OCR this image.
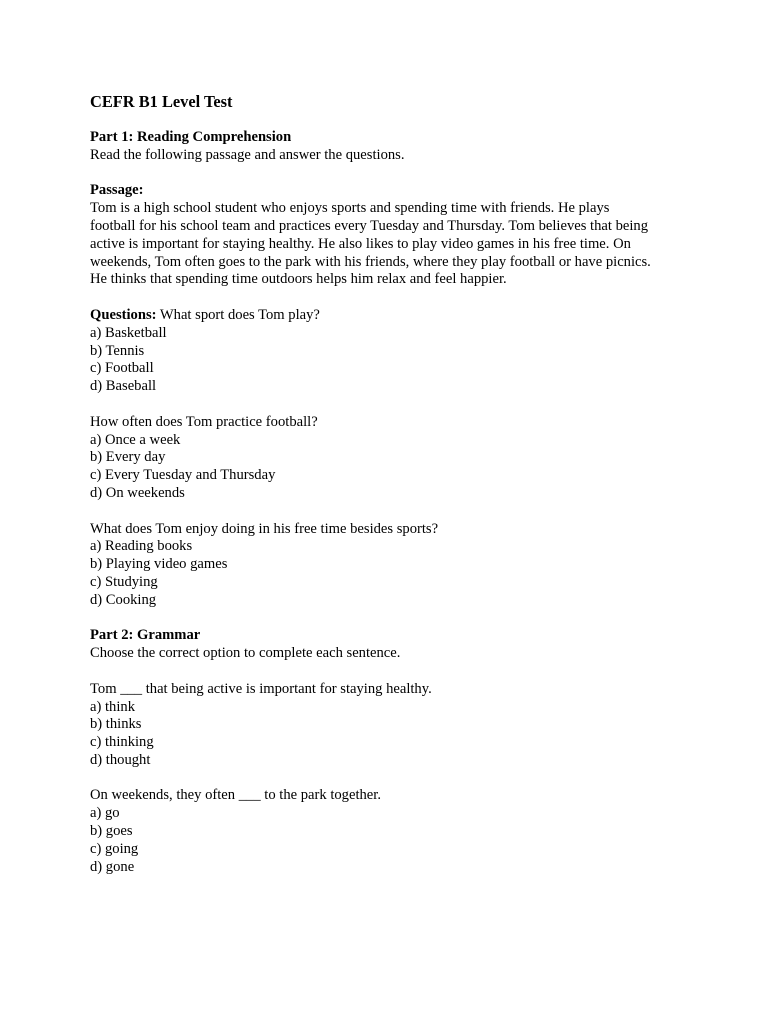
CEFR B1 Level Test

Part 1: Reading Comprehension

Read the following passage and answer the questions.

Passage:

Tom is a high school student who enjoys sports and spending time with friends. He plays

football for his school team and practices every Tuesday and Thursday. Tom believes that being

active is important for staying healthy. He also likes to play video games in his free time. On

weekends, Tom often goes to the park with his friends, where they play football or have picnics.

He thinks that spending time outdoors helps him relax and feel happier.

Questions: What sport does Tom play?

a) Basketball

b) Tennis

c) Football

d) Baseball

How often does Tom practice football?

a) Once a week

b) Every day

c) Every Tuesday and Thursday

d) On weekends

What does Tom enjoy doing in his free time besides sports?

a) Reading books

b) Playing video games

c) Studying

d) Cooking

Part 2: Grammar

Choose the correct option to complete each sentence.

Tom ___ that being active is important for staying healthy.

a) think

b) thinks

c) thinking

d) thought

On weekends, they often ___ to the park together.

a) go

b) goes

c) going

d) gone
